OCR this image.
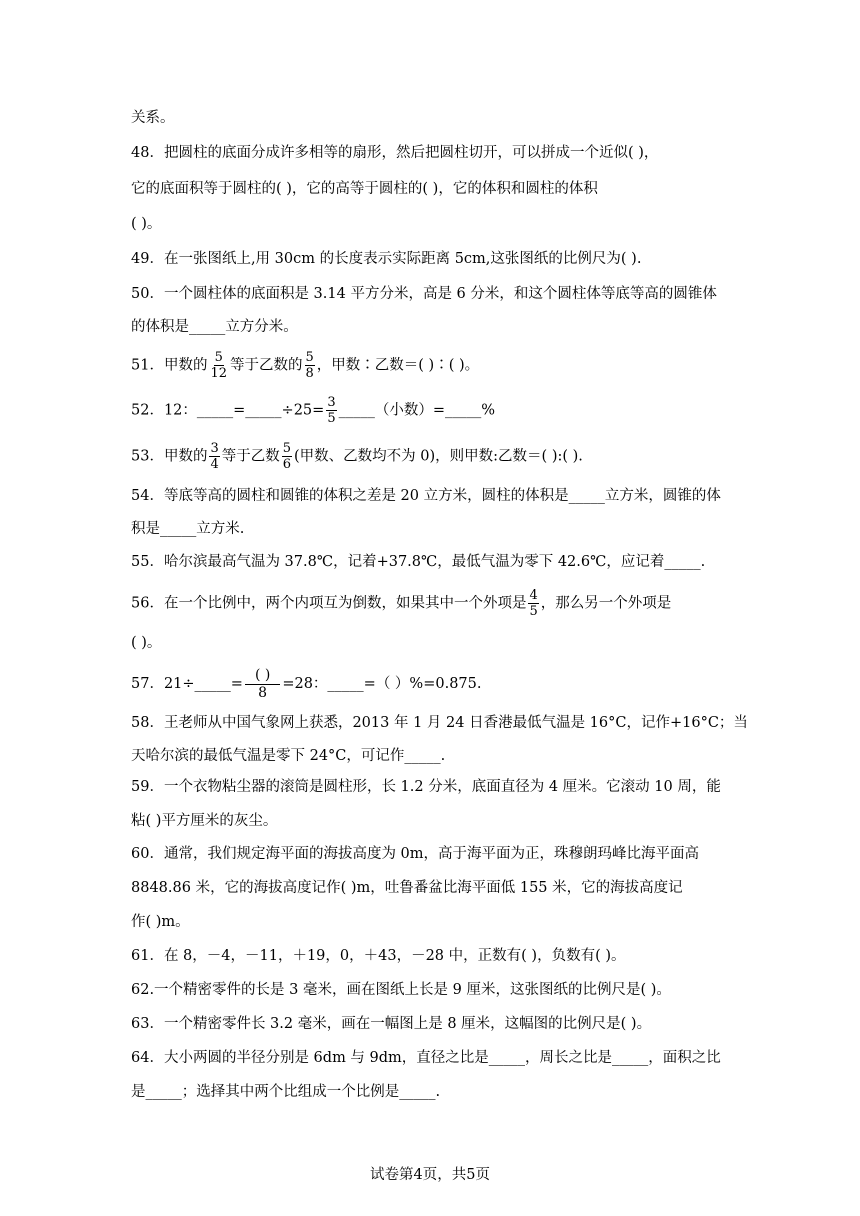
关系。
48．把圆柱的底面分成许多相等的扇形，然后把圆柱切开，可以拼成一个近似( )，
它的底面积等于圆柱的( )，它的高等于圆柱的( )，它的体积和圆柱的体积
( )。
49．在一张图纸上,用 30cm 的长度表示实际距离 5cm,这张图纸的比例尺为( ).
50．一个圆柱体的底面积是 3.14 平方分米，高是 6 分米，和这个圆柱体等底等高的圆锥体
的体积是_____立方分米。
51．甲数的 $\frac{5}{12}$ 等于乙数的 $\frac{5}{8}$ ，甲数∶乙数＝( )∶( )。
52．12：_____=_____÷25= $\frac{3}{5}$ _____（小数）=_____%
53．甲数的 $\frac{3}{4}$ 等于乙数 $\frac{5}{6}$ (甲数、乙数均不为 0)，则甲数:乙数＝( ):( ).
54．等底等高的圆柱和圆锥的体积之差是 20 立方米，圆柱的体积是_____立方米，圆锥的体
积是_____立方米.
55．哈尔滨最高气温为 37.8℃，记着+37.8℃，最低气温为零下 42.6℃，应记着_____.
56．在一个比例中，两个内项互为倒数，如果其中一个外项是 $\frac{4}{5}$ ，那么另一个外项是
( )。
57．21÷_____= $\frac{( )}{8} =28$：_____=（ ）%=0.875.
58．王老师从中国气象网上获悉，2013 年 1 月 24 日香港最低气温是 16°C，记作+16°C；当
天哈尔滨的最低气温是零下 24°C，可记作_____.
59．一个衣物粘尘器的滚筒是圆柱形，长 1.2 分米，底面直径为 4 厘米。它滚动 10 周，能
粘( )平方厘米的灰尘。
60．通常，我们规定海平面的海拔高度为 0m，高于海平面为正，珠穆朗玛峰比海平面高
8848.86 米，它的海拔高度记作( )m，吐鲁番盆比海平面低 155 米，它的海拔高度记
作( )m。
61．在 8，－4，－11，＋19，0，＋43，－28 中，正数有( )，负数有( )。
62.一个精密零件的长是 3 毫米，画在图纸上长是 9 厘米，这张图纸的比例尺是( )。
63．一个精密零件长 3.2 毫米，画在一幅图上是 8 厘米，这幅图的比例尺是( )。
64．大小两圆的半径分别是 6dm 与 9dm，直径之比是_____，周长之比是_____，面积之比
是_____；选择其中两个比组成一个比例是_____.
试卷第4页，共5页
